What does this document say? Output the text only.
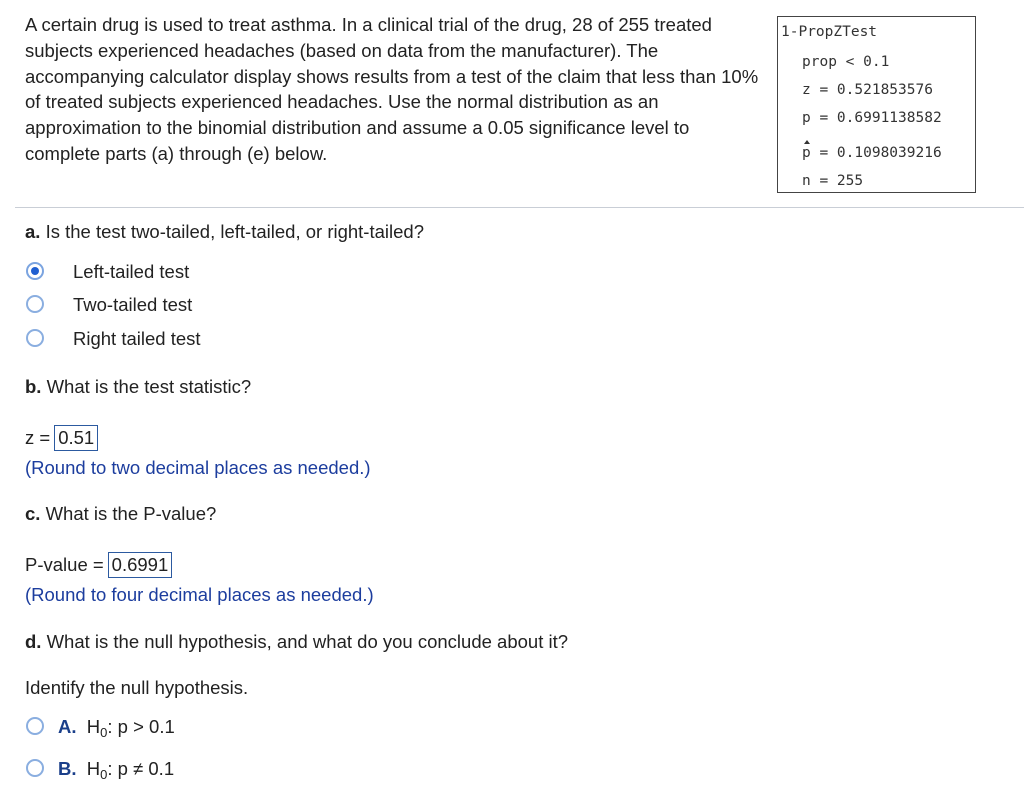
A certain drug is used to treat asthma. In a clinical trial of the drug, 28 of 255 treated subjects experienced headaches (based on data from the manufacturer). The accompanying calculator display shows results from a test of the claim that less than 10% of treated subjects experienced headaches. Use the normal distribution as an approximation to the binomial distribution and assume a 0.05 significance level to complete parts (a) through (e) below.
1-PropZTest
prop < 0.1
z = 0.521853576
p = 0.6991138582
p = 0.1098039216
n = 255
a. Is the test two-tailed, left-tailed, or right-tailed?
Left-tailed test
Two-tailed test
Right tailed test
b. What is the test statistic?
z = 0.51
(Round to two decimal places as needed.)
c. What is the P-value?
P-value = 0.6991
(Round to four decimal places as needed.)
d. What is the null hypothesis, and what do you conclude about it?
Identify the null hypothesis.
A. $H_0$: p > 0.1
B. $H_0$: p ≠ 0.1
